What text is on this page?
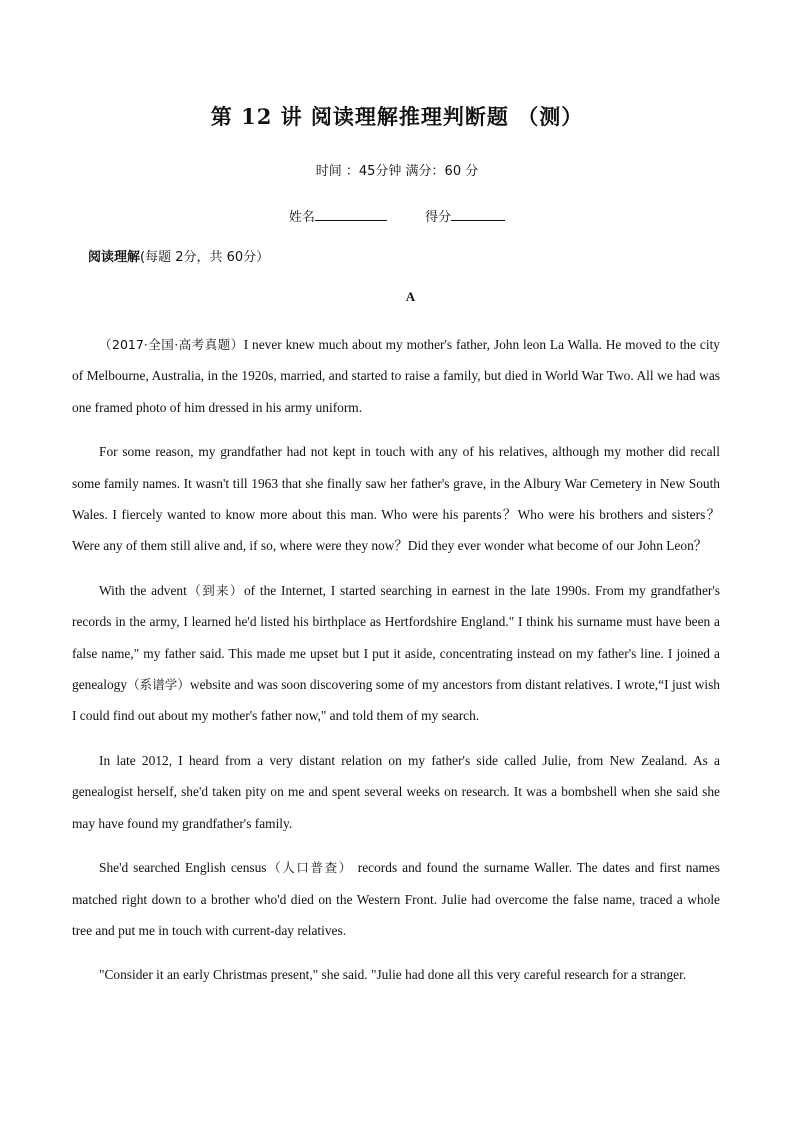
第 12 讲 阅读理解推理判断题 （测）
时间 ：45分钟 满分：60 分
姓名	得分
阅读理解(每题 2分，共 60分）
A

（2017·全国·高考真题）I never knew much about my mother's father, John leon La Walla. He moved to the city of Melbourne, Australia, in the 1920s, married, and started to raise a family, but died in World War Two. All we had was one framed photo of him dressed in his army uniform.

For some reason, my grandfather had not kept in touch with any of his relatives, although my mother did recall some family names. It wasn't till 1963 that she finally saw her father's grave, in the Albury War Cemetery in New South Wales. I fiercely wanted to know more about this man. Who were his parents？Who were his brothers and sisters？Were any of them still alive and, if so, where were they now？Did they ever wonder what become of our John Leon？

With the advent（到来）of the Internet, I started searching in earnest in the late 1990s. From my grandfather's records in the army, I learned he'd listed his birthplace as Hertfordshire England." I think his surname must have been a false name," my father said. This made me upset but I put it aside, concentrating instead on my father's line. I joined a genealogy（系谱学）website and was soon discovering some of my ancestors from distant relatives. I wrote,“I just wish I could find out about my mother's father now," and told them of my search.

In late 2012, I heard from a very distant relation on my father's side called Julie, from New Zealand. As a genealogist herself, she'd taken pity on me and spent several weeks on research. It was a bombshell when she said she may have found my grandfather's family.

She'd searched English census（人口普查） records and found the surname Waller. The dates and first names matched right down to a brother who'd died on the Western Front. Julie had overcome the false name, traced a whole tree and put me in touch with current-day relatives.

"Consider it an early Christmas present," she said. "Julie had done all this very careful research for a stranger.
